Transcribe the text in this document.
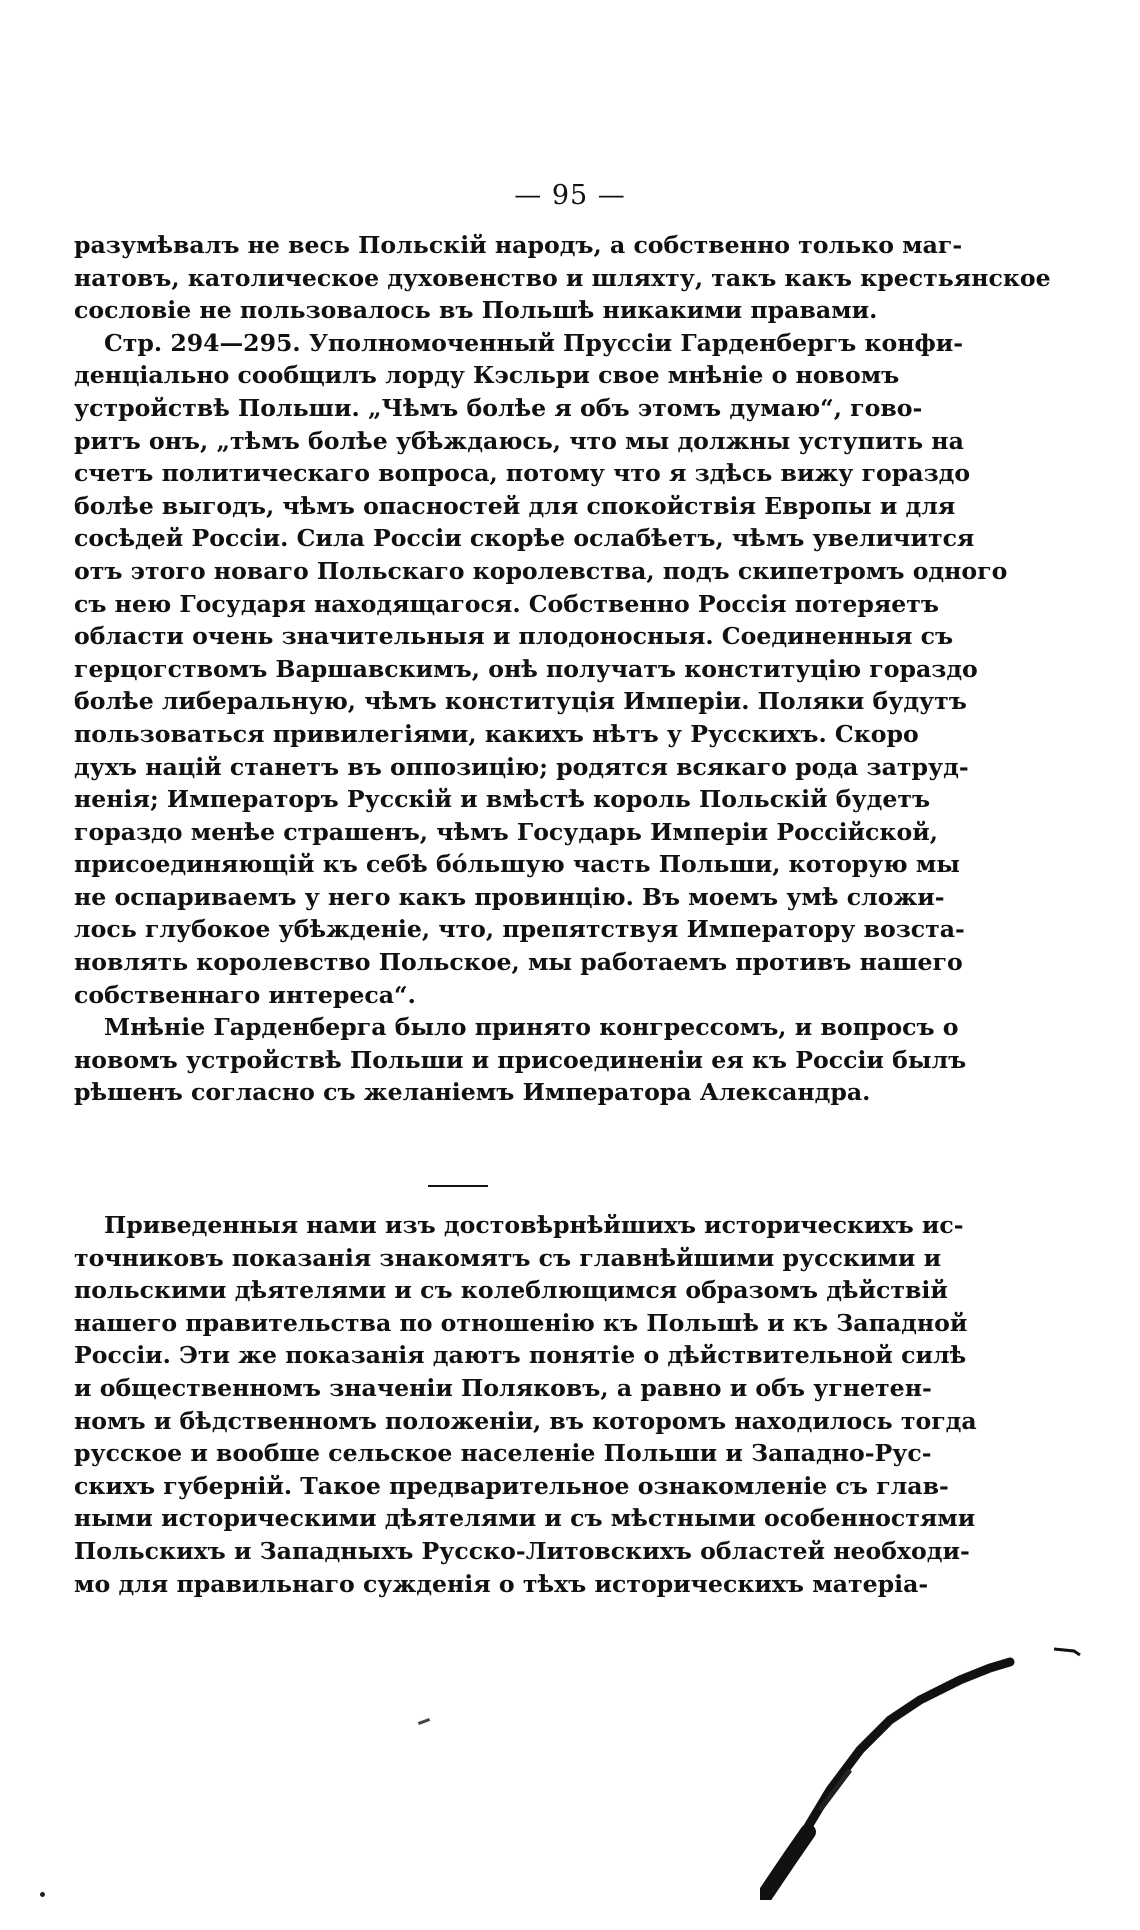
— 95 —
разумѣвалъ не весь Польскій народъ, а собственно только маг-
натовъ, католическое духовенство и шляхту, такъ какъ крестьянское
сословіе не пользовалось въ Польшѣ никакими правами.
Стр. 294—295. Уполномоченный Пруссіи Гарденбергъ конфи-
денціально сообщилъ лорду Кэсльри свое мнѣніе о новомъ
устройствѣ Польши. „Чѣмъ болѣе я объ этомъ думаю“, гово-
ритъ онъ, „тѣмъ болѣе убѣждаюсь, что мы должны уступить на
счетъ политическаго вопроса, потому что я здѣсь вижу гораздо
болѣе выгодъ, чѣмъ опасностей для спокойствія Европы и для
сосѣдей Россіи. Сила Россіи скорѣе ослабѣетъ, чѣмъ увеличится
отъ этого новаго Польскаго королевства, подъ скипетромъ одного
съ нею Государя находящагося. Собственно Россія потеряетъ
области очень значительныя и плодоносныя. Соединенныя съ
герцогствомъ Варшавскимъ, онѣ получатъ конституцію гораздо
болѣе либеральную, чѣмъ конституція Имперіи. Поляки будутъ
пользоваться привилегіями, какихъ нѣтъ у Русскихъ. Скоро
духъ націй станетъ въ оппозицію; родятся всякаго рода затруд-
ненія; Императоръ Русскій и вмѣстѣ король Польскій будетъ
гораздо менѣе страшенъ, чѣмъ Государь Имперіи Россійской,
присоединяющій къ себѣ бо́льшую часть Польши, которую мы
не оспариваемъ у него какъ провинцію. Въ моемъ умѣ сложи-
лось глубокое убѣжденіе, что, препятствуя Императору возста-
новлять королевство Польское, мы работаемъ противъ нашего
собственнаго интереса“.
Мнѣніе Гарденберга было принято конгрессомъ, и вопросъ о
новомъ устройствѣ Польши и присоединеніи ея къ Россіи былъ
рѣшенъ согласно съ желаніемъ Императора Александра.
Приведенныя нами изъ достовѣрнѣйшихъ историческихъ ис-
точниковъ показанія знакомятъ съ главнѣйшими русскими и
польскими дѣятелями и съ колеблющимся образомъ дѣйствій
нашего правительства по отношенію къ Польшѣ и къ Западной
Россіи. Эти же показанія даютъ понятіе о дѣйствительной силѣ
и общественномъ значеніи Поляковъ, а равно и объ угнетен-
номъ и бѣдственномъ положеніи, въ которомъ находилось тогда
русское и вообше сельское населеніе Польши и Западно-Рус-
скихъ губерній. Такое предварительное ознакомленіе съ глав-
ными историческими дѣятелями и съ мѣстными особенностями
Польскихъ и Западныхъ Русско-Литовскихъ областей необходи-
мо для правильнаго сужденія о тѣхъ историческихъ матеріа-
